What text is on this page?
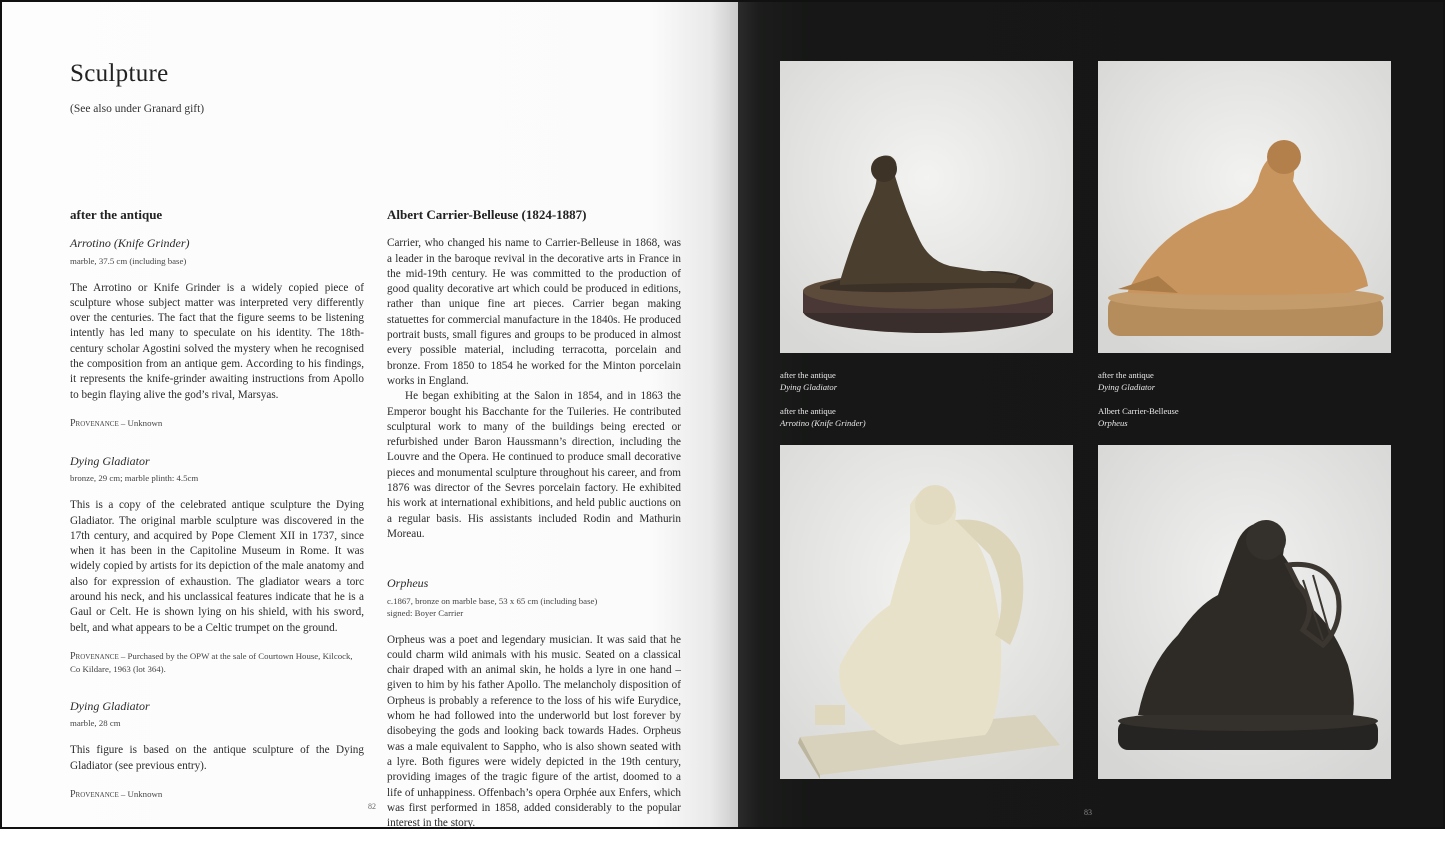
Sculpture
(See also under Granard gift)
after the antique
Arrotino (Knife Grinder)
marble, 37.5 cm (including base)
The Arrotino or Knife Grinder is a widely copied piece of sculpture whose subject matter was interpreted very differently over the centuries. The fact that the figure seems to be listening intently has led many to speculate on his identity. The 18th-century scholar Agostini solved the mystery when he recognised the composition from an antique gem. According to his findings, it represents the knife-grinder awaiting instructions from Apollo to begin flaying alive the god’s rival, Marsyas.
Provenance – Unknown
Dying Gladiator
bronze, 29 cm; marble plinth: 4.5cm
This is a copy of the celebrated antique sculpture the Dying Gladiator. The original marble sculpture was discovered in the 17th century, and acquired by Pope Clement XII in 1737, since when it has been in the Capitoline Museum in Rome. It was widely copied by artists for its depiction of the male anatomy and also for expression of exhaustion. The gladiator wears a torc around his neck, and his unclassical features indicate that he is a Gaul or Celt. He is shown lying on his shield, with his sword, belt, and what appears to be a Celtic trumpet on the ground.
Provenance – Purchased by the OPW at the sale of Courtown House, Kilcock, Co Kildare, 1963 (lot 364).
Dying Gladiator
marble, 28 cm
This figure is based on the antique sculpture of the Dying Gladiator (see previous entry).
Provenance – Unknown
Albert Carrier-Belleuse (1824-1887)
Carrier, who changed his name to Carrier-Belleuse in 1868, was a leader in the baroque revival in the decorative arts in France in the mid-19th century. He was committed to the production of good quality decorative art which could be produced in editions, rather than unique fine art pieces. Carrier began making statuettes for commercial manufacture in the 1840s. He produced portrait busts, small figures and groups to be produced in almost every possible material, including terracotta, porcelain and bronze. From 1850 to 1854 he worked for the Minton porcelain works in England.
He began exhibiting at the Salon in 1854, and in 1863 the Emperor bought his Bacchante for the Tuileries. He contributed sculptural work to many of the buildings being erected or refurbished under Baron Haussmann’s direction, including the Louvre and the Opera. He continued to produce small decorative pieces and monumental sculpture throughout his career, and from 1876 was director of the Sevres porcelain factory. He exhibited his work at international exhibitions, and held public auctions on a regular basis. His assistants included Rodin and Mathurin Moreau.
Orpheus
c.1867, bronze on marble base, 53 x 65 cm (including base)
signed: Boyer Carrier
Orpheus was a poet and legendary musician. It was said that he could charm wild animals with his music. Seated on a classical chair draped with an animal skin, he holds a lyre in one hand – given to him by his father Apollo. The melancholy disposition of Orpheus is probably a reference to the loss of his wife Eurydice, whom he had followed into the underworld but lost forever by disobeying the gods and looking back towards Hades. Orpheus was a male equivalent to Sappho, who is also shown seated with a lyre. Both figures were widely depicted in the 19th century, providing images of the tragic figure of the artist, doomed to a life of unhappiness. Offenbach’s opera Orphée aux Enfers, which was first performed in 1858, added considerably to the popular interest in the story.
82
after the antique
Dying Gladiator
after the antique
Dying Gladiator
after the antique
Arrotino (Knife Grinder)
Albert Carrier-Belleuse
Orpheus
83
